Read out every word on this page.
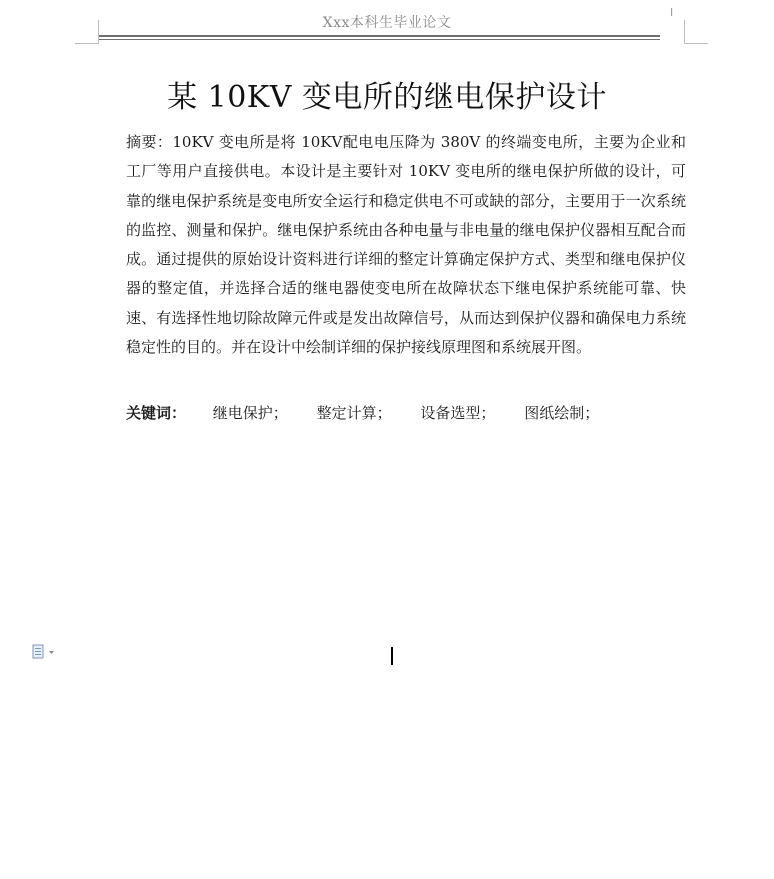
I
Xxx本科生毕业论文
某 10KV 变电所的继电保护设计

摘要：10KV 变电所是将 10KV配电电压降为 380V 的终端变电所，主要为企业和工厂等用户直接供电。本设计是主要针对 10KV 变电所的继电保护所做的设计，可靠的继电保护系统是变电所安全运行和稳定供电不可或缺的部分，主要用于一次系统的监控、测量和保护。继电保护系统由各种电量与非电量的继电保护仪器相互配合而成。通过提供的原始设计资料进行详细的整定计算确定保护方式、类型和继电保护仪器的整定值，并选择合适的继电器使变电所在故障状态下继电保护系统能可靠、快速、有选择性地切除故障元件或是发出故障信号，从而达到保护仪器和确保电力系统稳定性的目的。并在设计中绘制详细的保护接线原理图和系统展开图。

关键词： 继电保护； 整定计算； 设备选型； 图纸绘制；
